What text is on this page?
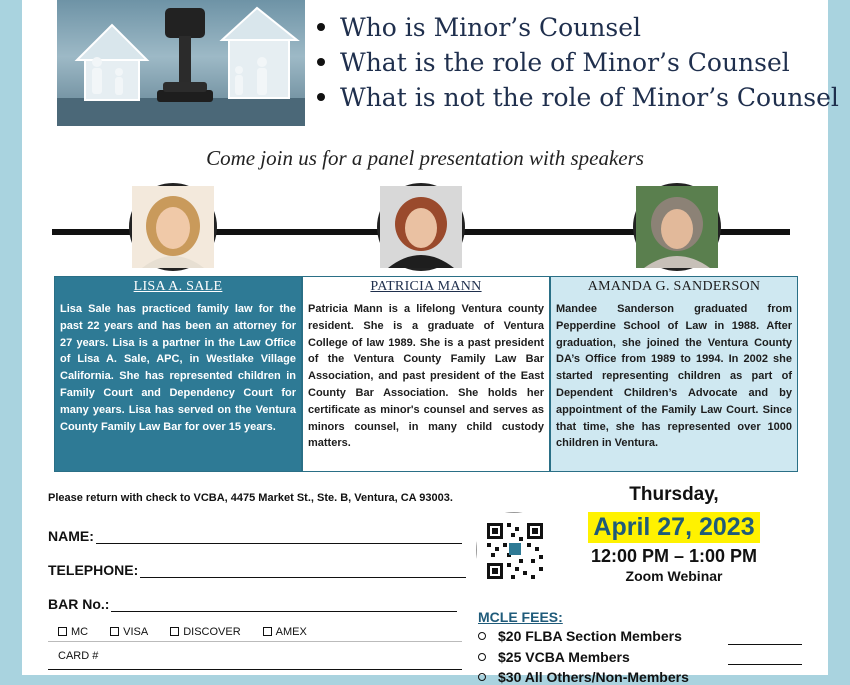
Who is Minor’s Counsel
What is the role of Minor’s Counsel
What is not the role of Minor’s Counsel
Come join us for a panel presentation with speakers
LISA A. SALE
Lisa Sale has practiced family law for the past 22 years and has been an attorney for 27 years. Lisa is a partner in the Law Office of Lisa A. Sale, APC, in Westlake Village California. She has represented children in Family Court and Dependency Court for many years. Lisa has served on the Ventura County Family Law Bar for over 15 years.
PATRICIA MANN
Patricia Mann is a lifelong Ventura county resident. She is a graduate of Ventura College of law 1989. She is a past president of the Ventura County Family Law Bar Association, and past president of the East County Bar Association. She holds her certificate as minor's counsel and serves as minors counsel, in many child custody matters.
AMANDA G. SANDERSON
Mandee Sanderson graduated from Pepperdine School of Law in 1988. After graduation, she joined the Ventura County DA’s Office from 1989 to 1994. In 2002 she started representing children as part of Dependent Children’s Advocate and by appointment of the Family Law Court. Since that time, she has represented over 1000 children in Ventura.
Please return with check to VCBA, 4475 Market St., Ste. B, Ventura, CA 93003.
NAME:
TELEPHONE:
BAR No.:
MC	VISA	DISCOVER	AMEX
CARD #
Thursday,
April 27, 2023
12:00 PM – 1:00 PM
Zoom Webinar
MCLE FEES:
$20 FLBA Section Members
$25 VCBA Members
$30 All Others/Non-Members
